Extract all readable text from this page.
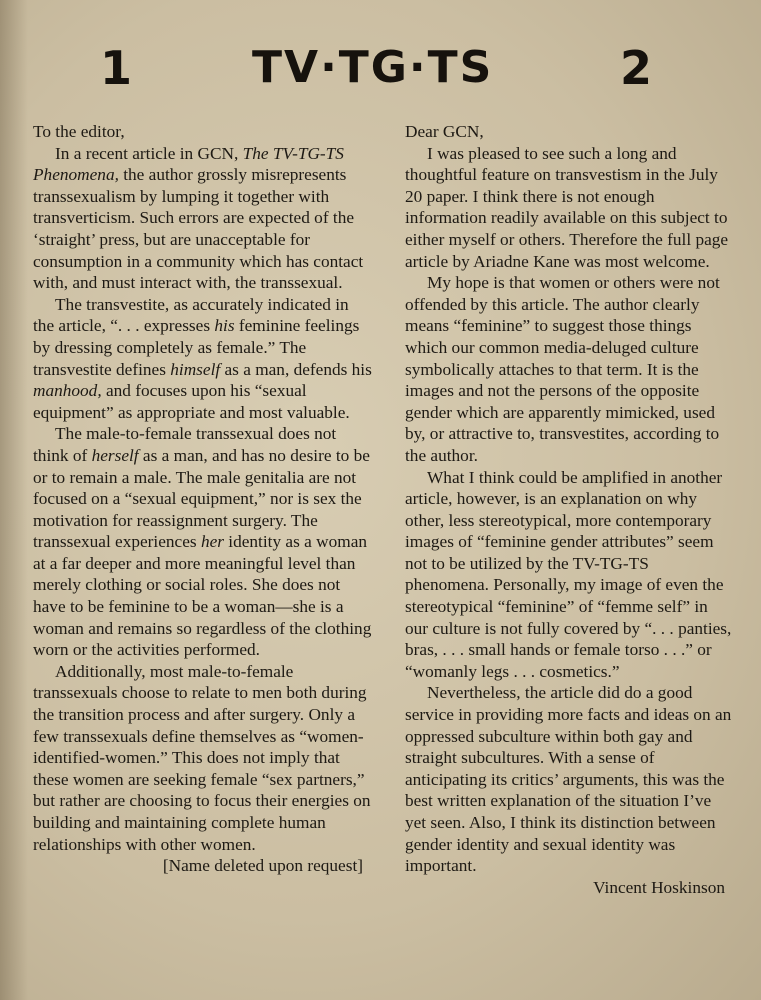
1	TV·TG·TS	2

To the editor,

In a recent article in GCN, The TV-TG-TS Phenomena, the author grossly misrepresents transsexualism by lumping it together with transverticism. Such errors are expected of the ‘straight’ press, but are unacceptable for consumption in a community which has contact with, and must interact with, the transsexual.

The transvestite, as accurately indicated in the article, “. . . expresses his feminine feelings by dressing completely as female.” The transvestite defines himself as a man, defends his manhood, and focuses upon his “sexual equipment” as appropriate and most valuable.

The male-to-female transsexual does not think of herself as a man, and has no desire to be or to remain a male. The male genitalia are not focused on a “sexual equipment,” nor is sex the motivation for reassignment surgery. The transsexual experiences her identity as a woman at a far deeper and more meaningful level than merely clothing or social roles. She does not have to be feminine to be a woman—she is a woman and remains so regardless of the clothing worn or the activities performed.

Additionally, most male-to-female transsexuals choose to relate to men both during the transition process and after surgery. Only a few transsexuals define themselves as “women-identified-women.” This does not imply that these women are seeking female “sex partners,” but rather are choosing to focus their energies on building and maintaining complete human relationships with other women.

[Name deleted upon request]

Dear GCN,

I was pleased to see such a long and thoughtful feature on transvestism in the July 20 paper. I think there is not enough information readily available on this subject to either myself or others. Therefore the full page article by Ariadne Kane was most welcome.

My hope is that women or others were not offended by this article. The author clearly means “feminine” to suggest those things which our common media-deluged culture symbolically attaches to that term. It is the images and not the persons of the opposite gender which are apparently mimicked, used by, or attractive to, transvestites, according to the author.

What I think could be amplified in another article, however, is an explanation on why other, less stereotypical, more contemporary images of “feminine gender attributes” seem not to be utilized by the TV-TG-TS phenomena. Personally, my image of even the stereotypical “feminine” of “femme self” in our culture is not fully covered by “. . . panties, bras, . . . small hands or female torso . . .” or “womanly legs . . . cosmetics.”

Nevertheless, the article did do a good service in providing more facts and ideas on an oppressed subculture within both gay and straight subcultures. With a sense of anticipating its critics’ arguments, this was the best written explanation of the situation I’ve yet seen. Also, I think its distinction between gender identity and sexual identity was important.

Vincent Hoskinson
